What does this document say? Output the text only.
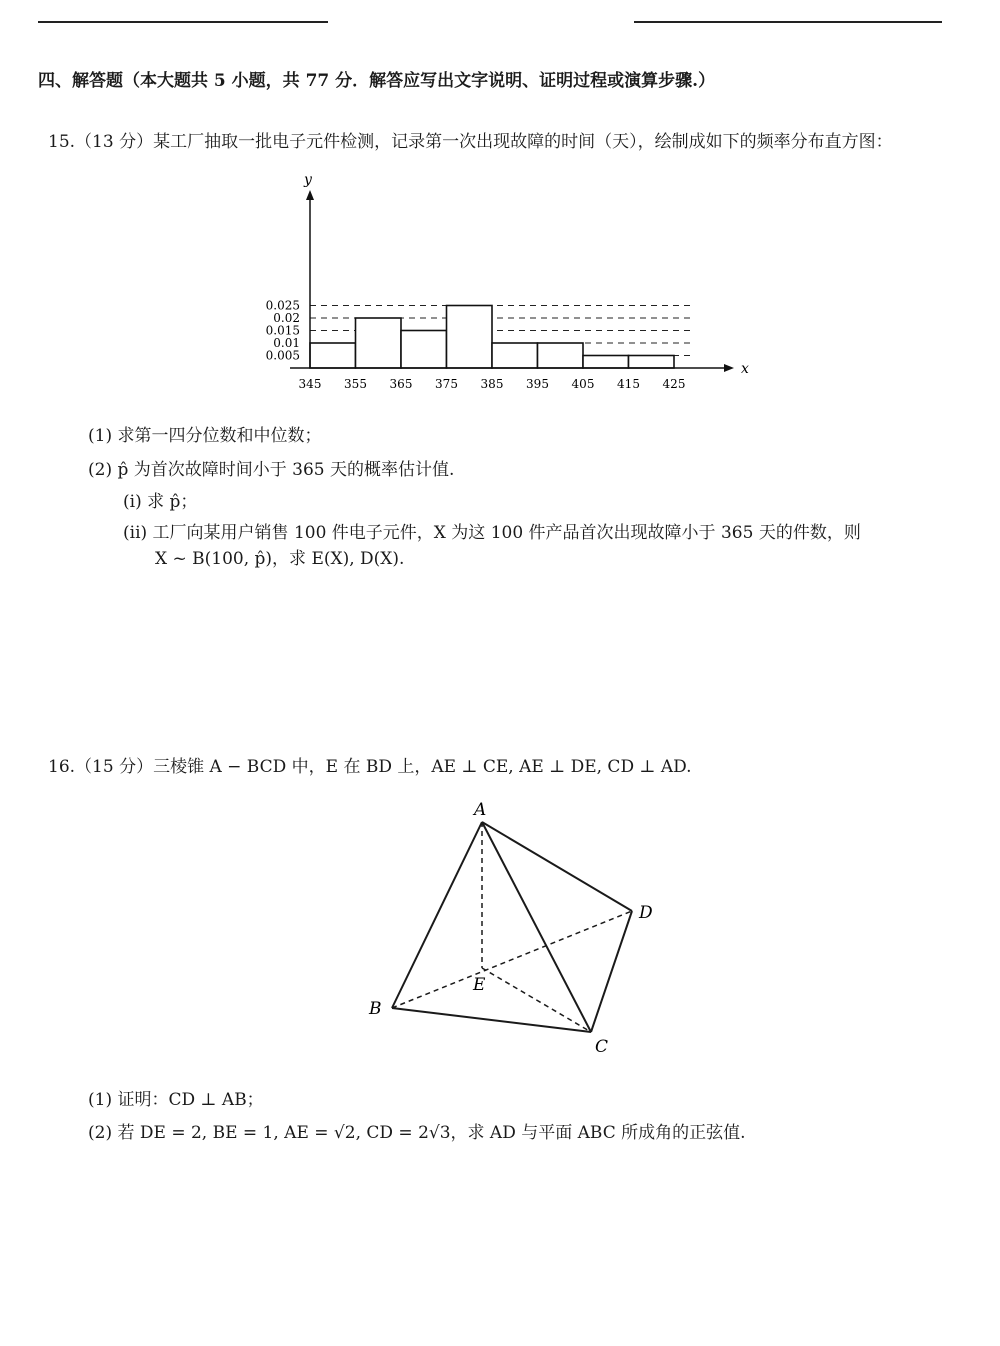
四、解答题（本大题共 5 小题，共 77 分．解答应写出文字说明、证明过程或演算步骤.）
15.（13 分）某工厂抽取一批电子元件检测，记录第一次出现故障的时间（天），绘制成如下的频率分布直方图：
0.005
0.01
0.015
0.02
0.025
x
y
345 355 365 375 385 395 405 415 425
(1) 求第一四分位数和中位数；
(2) p̂ 为首次故障时间小于 365 天的概率估计值.
(i) 求 p̂；
(ii) 工厂向某用户销售 100 件电子元件，X 为这 100 件产品首次出现故障小于 365 天的件数，则
X ~ B(100, p̂)，求 E(X), D(X).
16.（15 分）三棱锥 A − BCD 中，E 在 BD 上，AE ⊥ CE, AE ⊥ DE, CD ⊥ AD.
A
B
C
D
E
(1) 证明：CD ⊥ AB；
(2) 若 DE = 2, BE = 1, AE = √2, CD = 2√3，求 AD 与平面 ABC 所成角的正弦值.
